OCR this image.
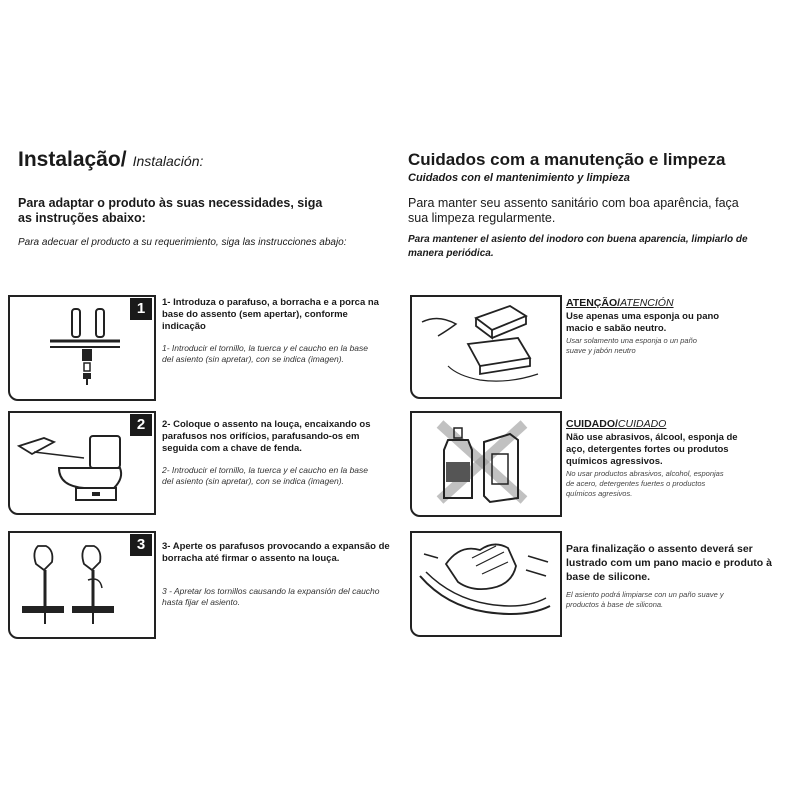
Instalação/ Instalación:
Para adaptar o produto às suas necessidades, siga as instruções abaixo:
Para adecuar el producto a su requerimiento, siga las instrucciones abajo:
1	1- Introduza o parafuso, a borracha e a porca na base do assento (sem apertar), conforme indicação
1- Introducir el tornillo, la tuerca y el caucho en la base del asiento (sin apretar), con se indica (imagen).
2	2- Coloque o assento na louça, encaixando os parafusos nos orifícios, parafusando-os em seguida com a chave de fenda.
2- Introducir el tornillo, la tuerca y el caucho en la base del asiento (sin apretar), con se indica (imagen).
3	3- Aperte os parafusos provocando a expansão de borracha até firmar o assento na louça.
3 - Apretar los tornillos causando la expansión del caucho hasta fijar el asiento.
Cuidados com a manutenção e limpeza
Cuidados con el mantenimiento y limpieza
Para manter seu assento sanitário com boa aparência, faça sua limpeza regularmente.
Para mantener el asiento del inodoro con buena aparencia, limpiarlo de manera periódica.
ATENÇÃO/ATENCIÓN
Use apenas uma esponja ou pano macio e sabão neutro.
Usar solamento una esponja o un paño suave y jabón neutro
CUIDADO/CUIDADO
Não use abrasivos, álcool, esponja de aço, detergentes fortes ou produtos químicos agressivos.
No usar productos abrasivos, alcohol, esponjas de acero, detergentes fuertes o productos químicos agresivos.
Para finalização o assento deverá ser lustrado com um pano macio e produto à base de silicone.
El asiento podrá limpiarse con un paño suave y productos à base de silicona.
